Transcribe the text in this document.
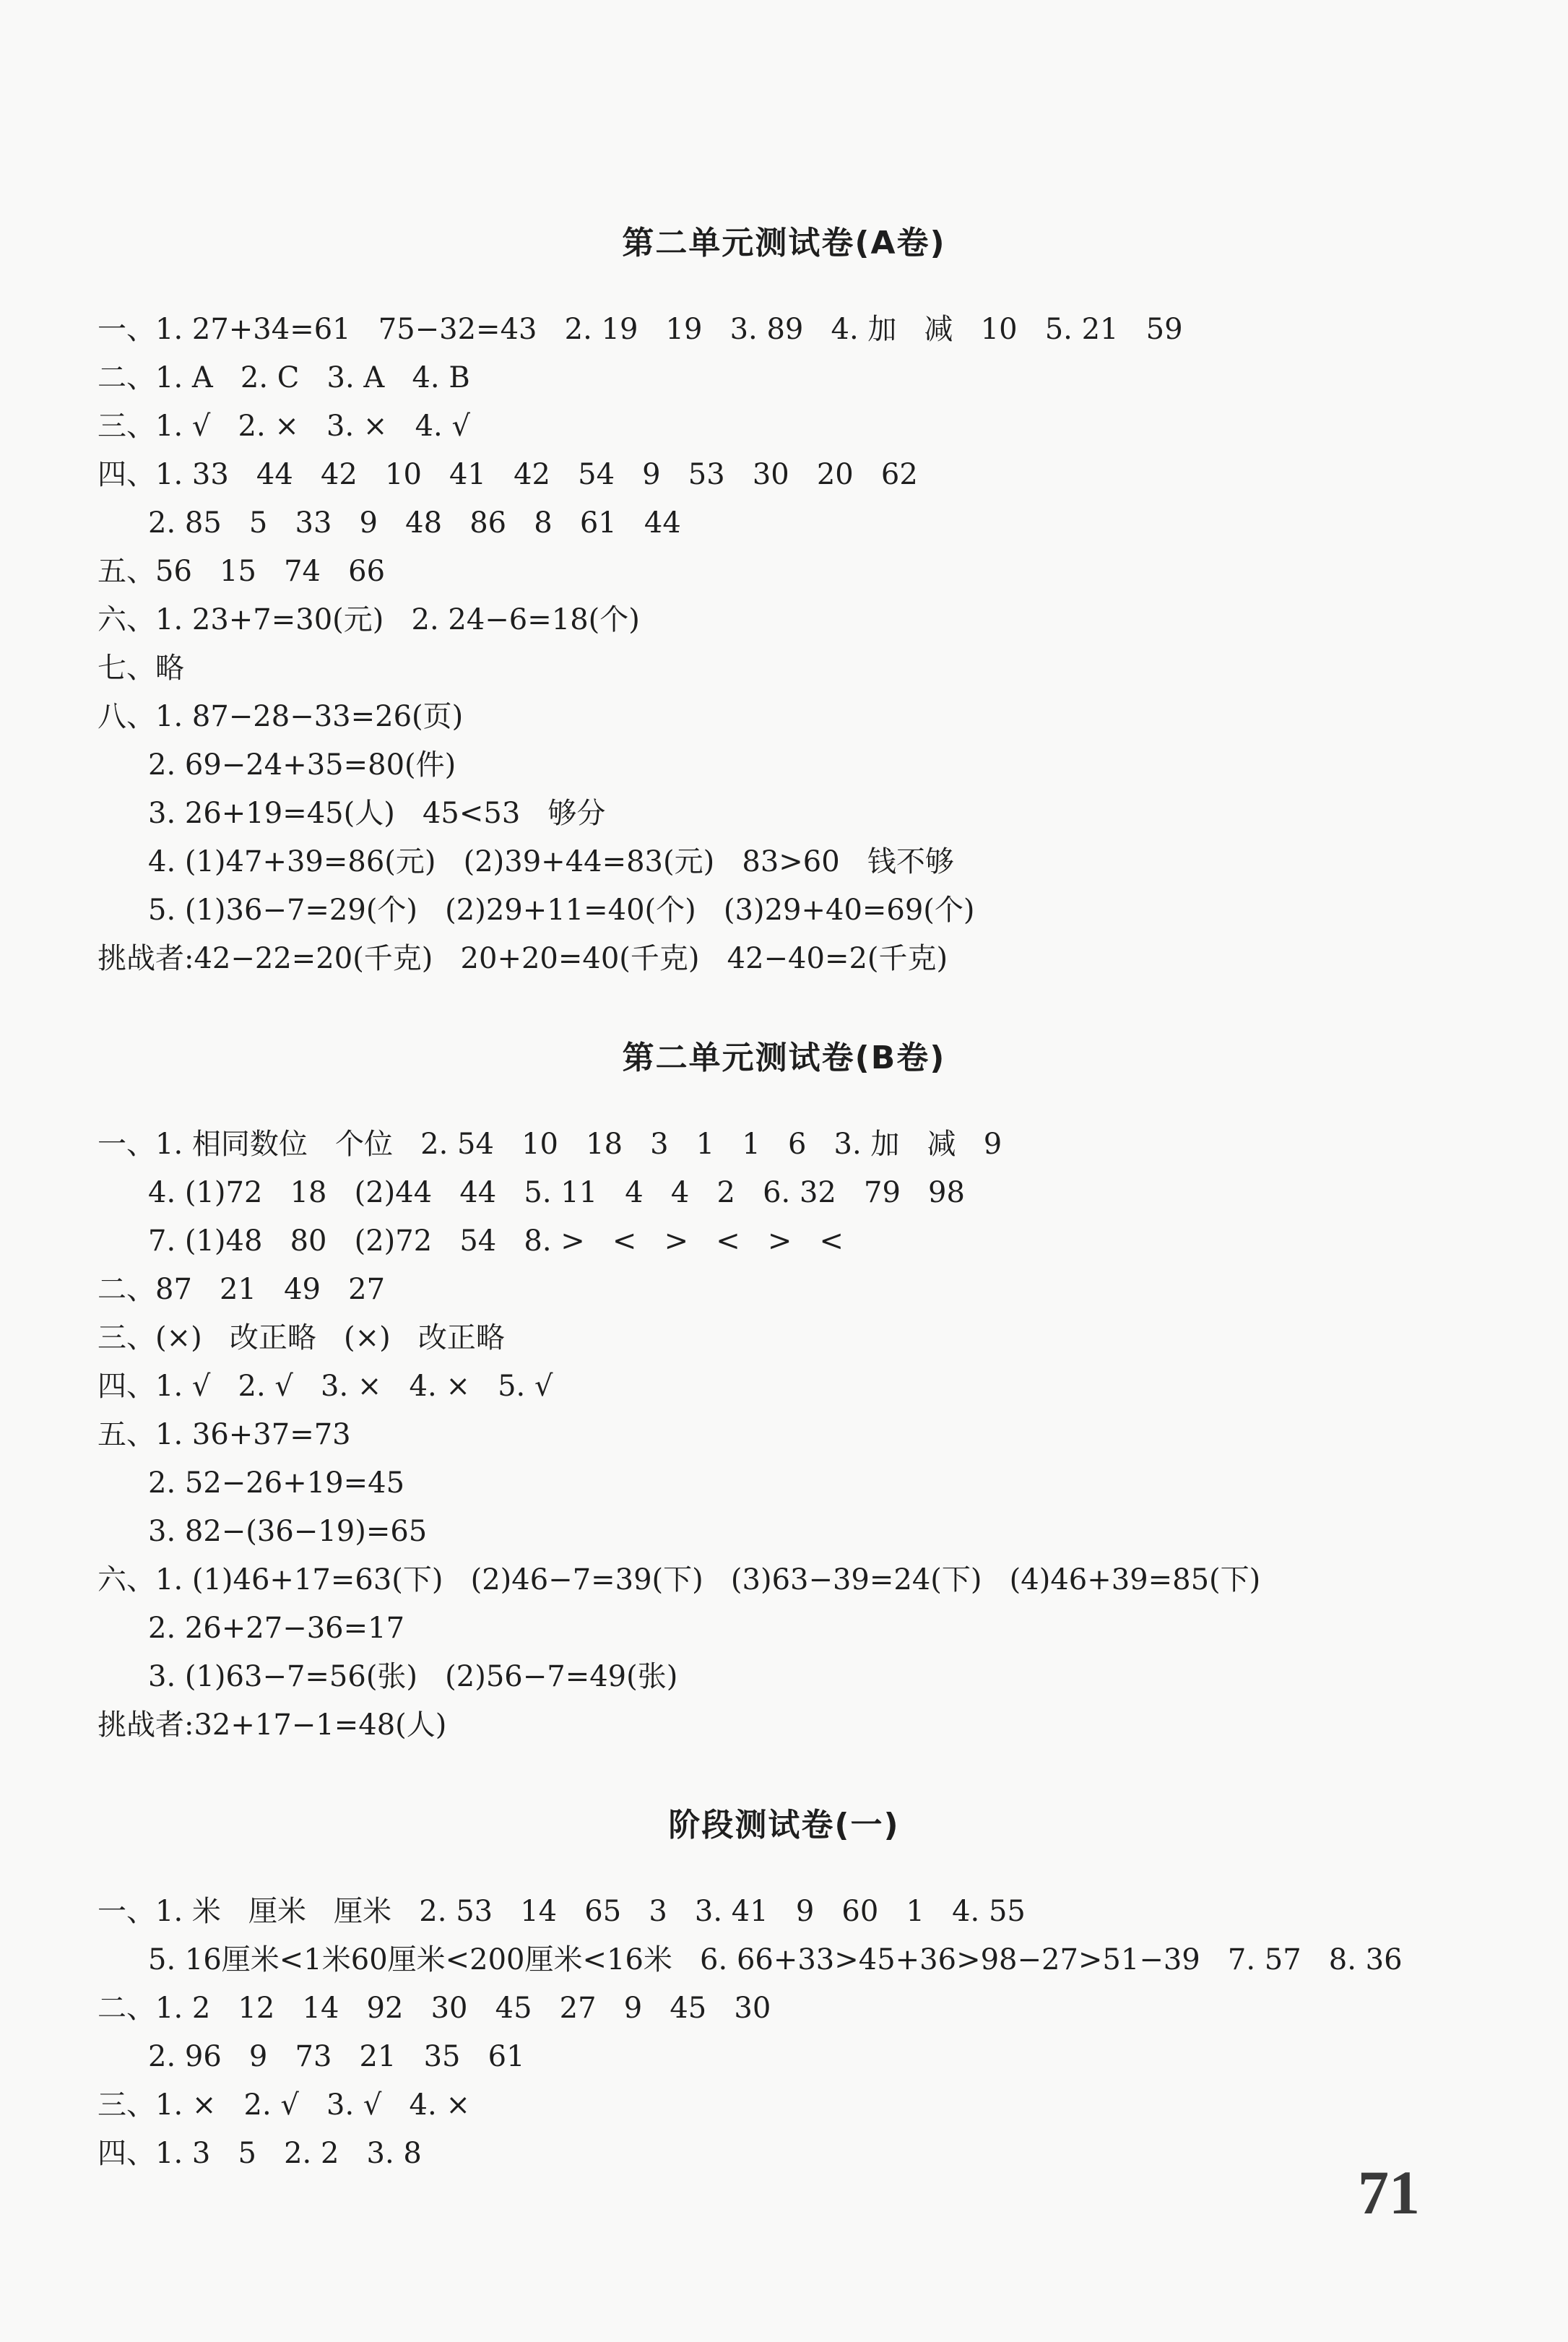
第二单元测试卷(A卷)
一、1. 27+34=61   75−32=43   2. 19   19   3. 89   4. 加   减   10   5. 21   59
二、1. A   2. C   3. A   4. B
三、1. √   2. ×   3. ×   4. √
四、1. 33   44   42   10   41   42   54   9   53   30   20   62
2. 85   5   33   9   48   86   8   61   44
五、56   15   74   66
六、1. 23+7=30(元)   2. 24−6=18(个)
七、略
八、1. 87−28−33=26(页)
2. 69−24+35=80(件)
3. 26+19=45(人)   45<53   够分
4. (1)47+39=86(元)   (2)39+44=83(元)   83>60   钱不够
5. (1)36−7=29(个)   (2)29+11=40(个)   (3)29+40=69(个)
挑战者:42−22=20(千克)   20+20=40(千克)   42−40=2(千克)
第二单元测试卷(B卷)
一、1. 相同数位   个位   2. 54   10   18   3   1   1   6   3. 加   减   9
4. (1)72   18   (2)44   44   5. 11   4   4   2   6. 32   79   98
7. (1)48   80   (2)72   54   8. >   <   >   <   >   <
二、87   21   49   27
三、(×)   改正略   (×)   改正略
四、1. √   2. √   3. ×   4. ×   5. √
五、1. 36+37=73
2. 52−26+19=45
3. 82−(36−19)=65
六、1. (1)46+17=63(下)   (2)46−7=39(下)   (3)63−39=24(下)   (4)46+39=85(下)
2. 26+27−36=17
3. (1)63−7=56(张)   (2)56−7=49(张)
挑战者:32+17−1=48(人)
阶段测试卷(一)
一、1. 米   厘米   厘米   2. 53   14   65   3   3. 41   9   60   1   4. 55
5. 16厘米<1米60厘米<200厘米<16米   6. 66+33>45+36>98−27>51−39   7. 57   8. 36
二、1. 2   12   14   92   30   45   27   9   45   30
2. 96   9   73   21   35   61
三、1. ×   2. √   3. √   4. ×
四、1. 3   5   2. 2   3. 8
71
